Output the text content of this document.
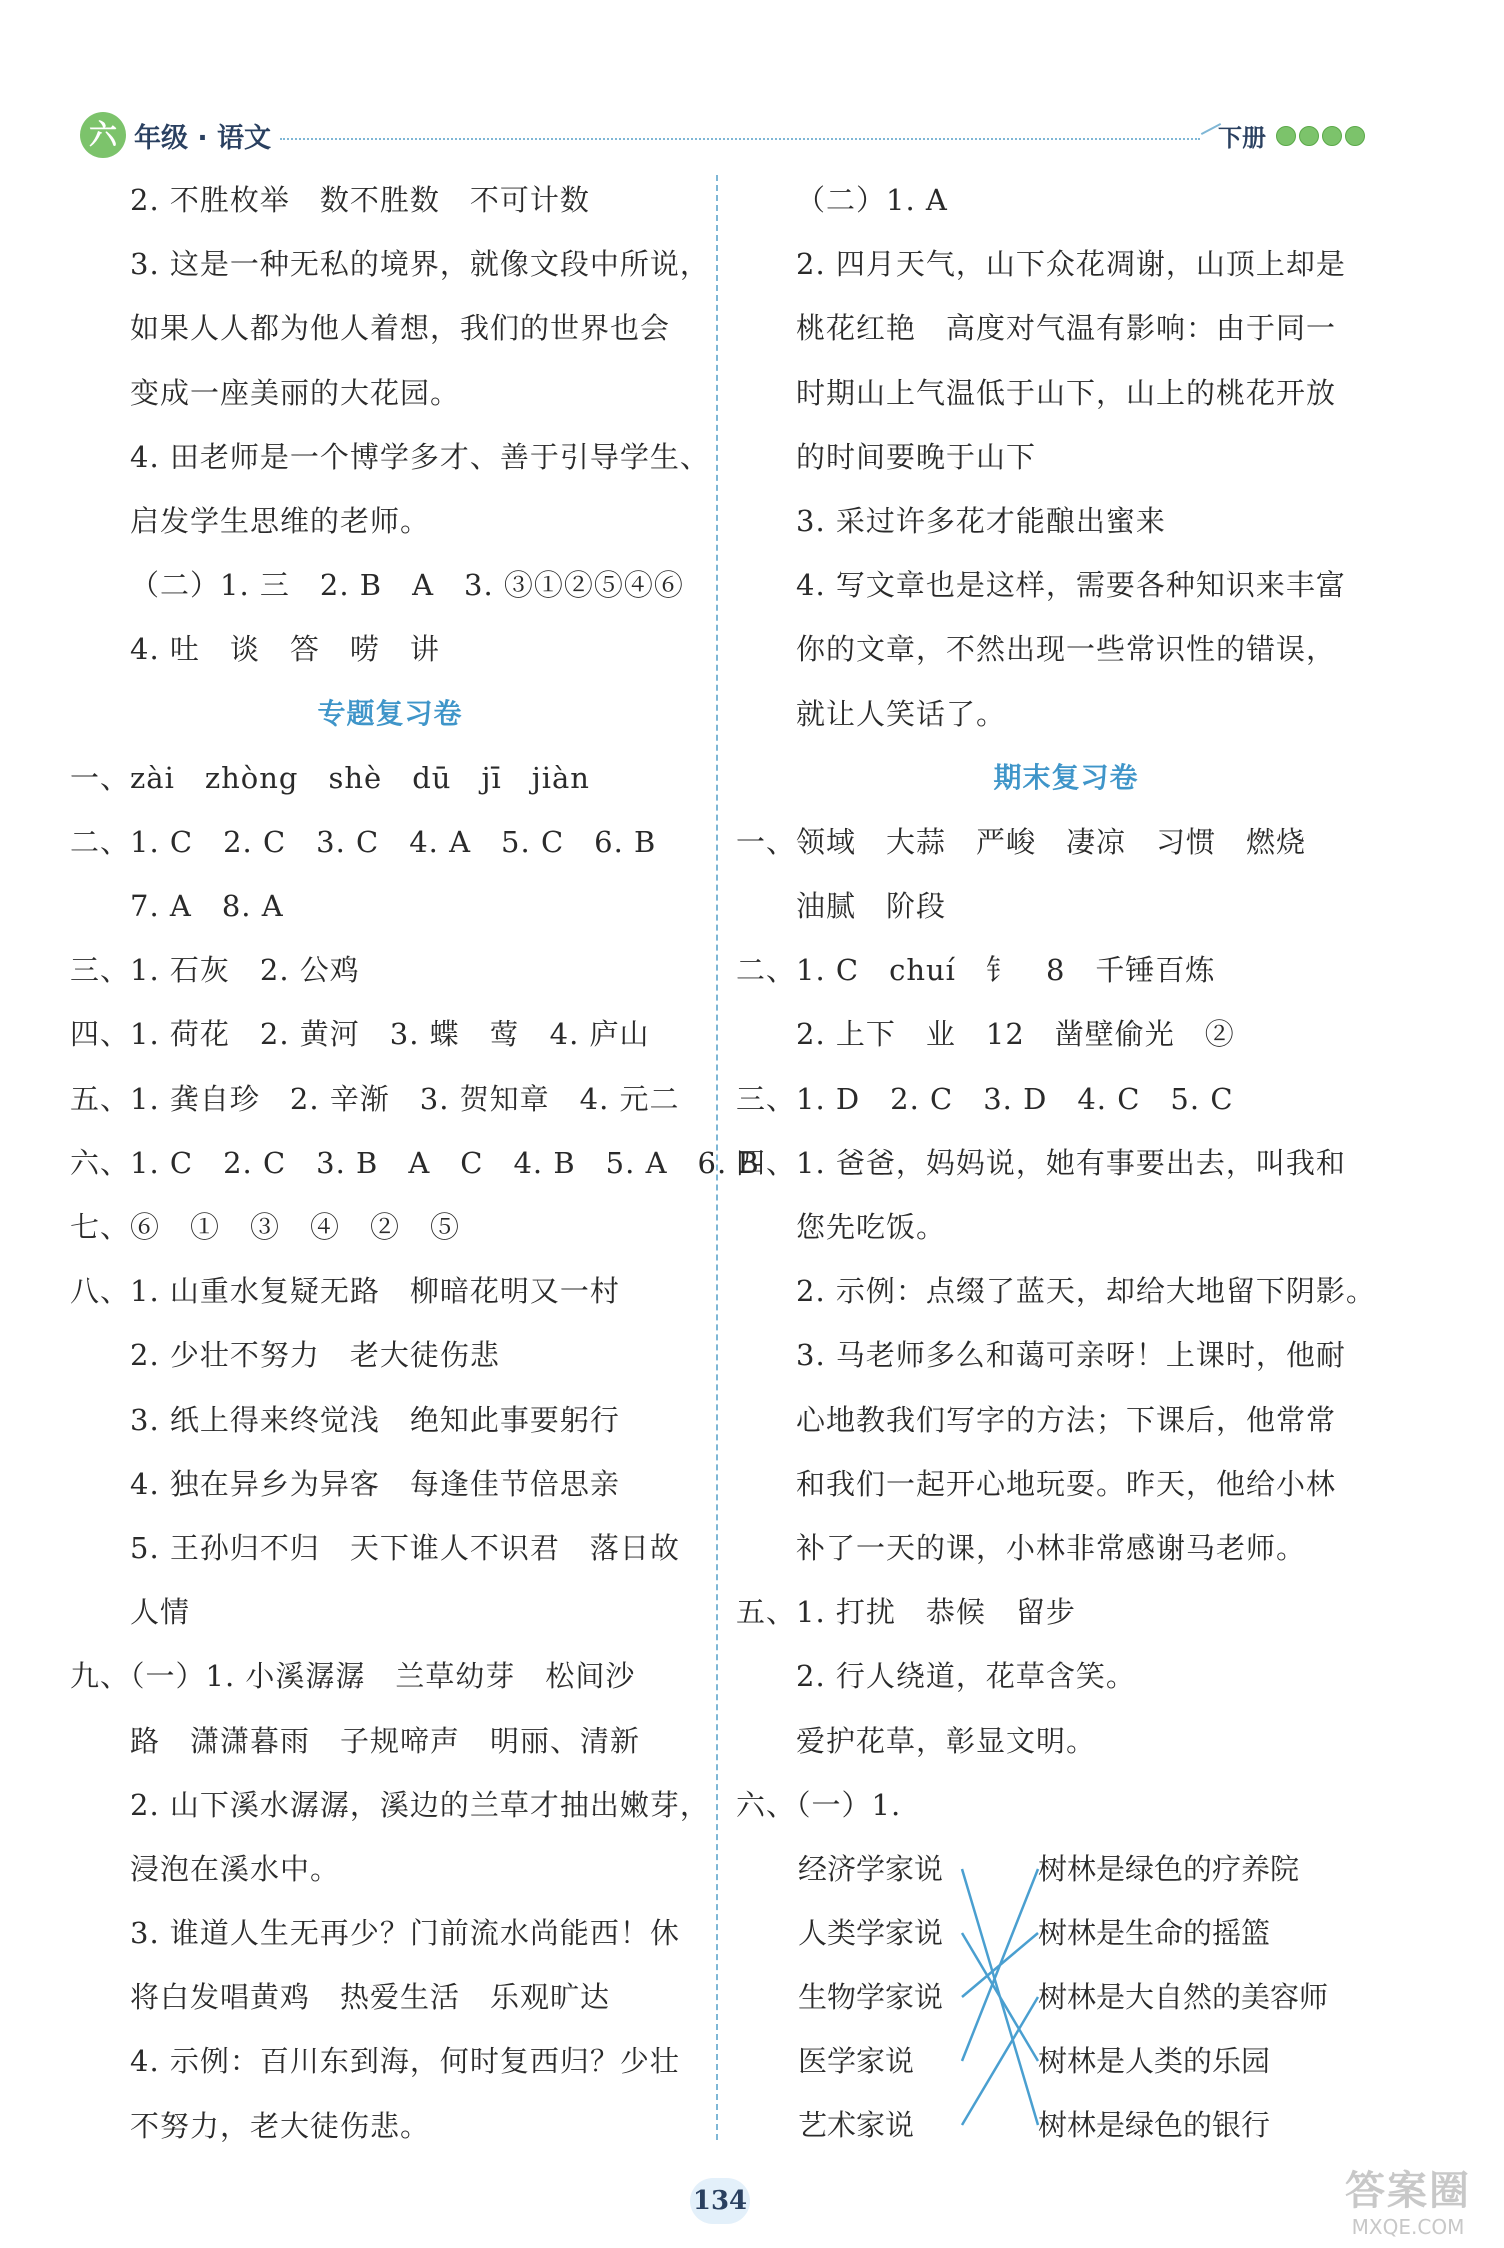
六 年级 · 语文	下册
2. 不胜枚举　数不胜数　不可计数
3. 这是一种无私的境界，就像文段中所说，
如果人人都为他人着想，我们的世界也会
变成一座美丽的大花园。
4. 田老师是一个博学多才、善于引导学生、
启发学生思维的老师。
（二）1. 三　2. B　A　3. ③①②⑤④⑥
4. 吐　谈　答　唠　讲
专题复习卷
一、zài　zhòng　shè　dū　jī　jiàn
二、1. C　2. C　3. C　4. A　5. C　6. B
7. A　8. A
三、1. 石灰　2. 公鸡
四、1. 荷花　2. 黄河　3. 蝶　莺　4. 庐山
五、1. 龚自珍　2. 辛渐　3. 贺知章　4. 元二
六、1. C　2. C　3. B　A　C　4. B　5. A　6. B
七、⑥　①　③　④　②　⑤
八、1. 山重水复疑无路　柳暗花明又一村
2. 少壮不努力　老大徒伤悲
3. 纸上得来终觉浅　绝知此事要躬行
4. 独在异乡为异客　每逢佳节倍思亲
5. 王孙归不归　天下谁人不识君　落日故
人情
九、（一）1. 小溪潺潺　兰草幼芽　松间沙
路　潇潇暮雨　子规啼声　明丽、清新
2. 山下溪水潺潺，溪边的兰草才抽出嫩芽，
浸泡在溪水中。
3. 谁道人生无再少？门前流水尚能西！休
将白发唱黄鸡　热爱生活　乐观旷达
4. 示例：百川东到海，何时复西归？少壮
不努力，老大徒伤悲。
（二）1. A
2. 四月天气，山下众花凋谢，山顶上却是
桃花红艳　高度对气温有影响：由于同一
时期山上气温低于山下，山上的桃花开放
的时间要晚于山下
3. 采过许多花才能酿出蜜来
4. 写文章也是这样，需要各种知识来丰富
你的文章，不然出现一些常识性的错误，
就让人笑话了。
期末复习卷
一、领域　大蒜　严峻　凄凉　习惯　燃烧
油腻　阶段
二、1. C　chuí　钅　8　千锤百炼
2. 上下　业　12　凿壁偷光　②
三、1. D　2. C　3. D　4. C　5. C
四、1. 爸爸，妈妈说，她有事要出去，叫我和
您先吃饭。
2. 示例：点缀了蓝天，却给大地留下阴影。
3. 马老师多么和蔼可亲呀！上课时，他耐
心地教我们写字的方法；下课后，他常常
和我们一起开心地玩耍。昨天，他给小林
补了一天的课，小林非常感谢马老师。
五、1. 打扰　恭候　留步
2. 行人绕道，花草含笑。
爱护花草，彰显文明。
六、（一）1.
经济学家说
人类学家说
生物学家说
医学家说
艺术家说
树林是绿色的疗养院
树林是生命的摇篮
树林是大自然的美容师
树林是人类的乐园
树林是绿色的银行
134	答案圈
MXQE.COM
